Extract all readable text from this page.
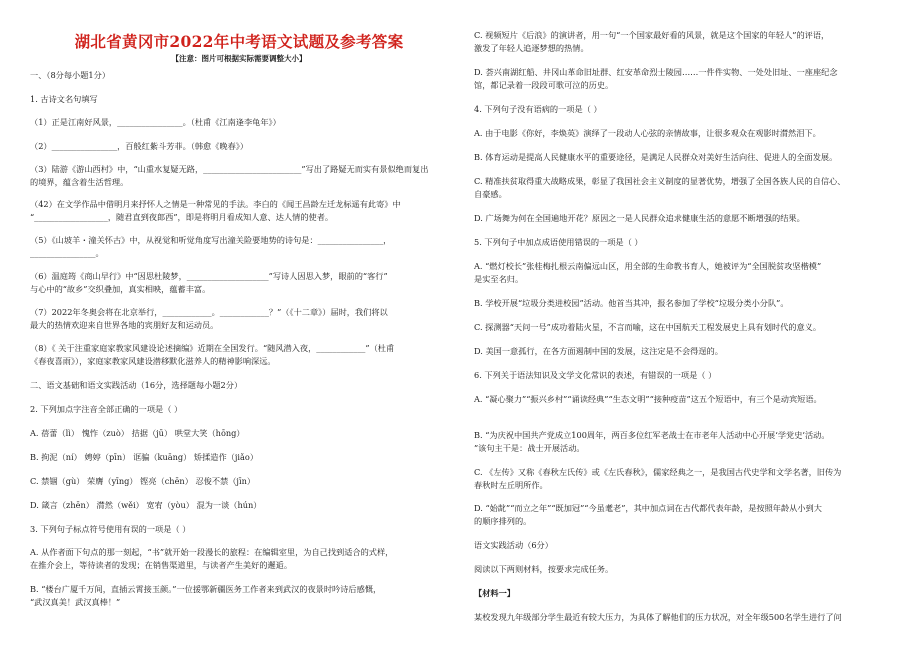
湖北省黄冈市2022年中考语文试题及参考答案
【注意：图片可根据实际需要调整大小】
一、（8分每小题1分）
1. 古诗文名句填写
（1）正是江南好风景，________________。（杜甫《江南逢李龟年》）
（2）________________，百般红紫斗芳菲。（韩愈《晚春》）
（3）陆游《游山西村》中，“山重水复疑无路，________________________”写出了路疑无而实有景似绝而复出
的境界，蕴含着生活哲理。
（42）在文学作品中借明月来抒怀人之情是一种常见的手法。李白的《闻王昌龄左迁龙标遥有此寄》中
“__________________，随君直到夜郎西”，即是将明月看成知人意、达人情的使者。
（5）《山坡羊・潼关怀古》中，从视觉和听觉角度写出潼关险要地势的诗句是：________________，
________________。
（6）温庭筠《商山早行》中“因思杜陵梦，____________________”写诗人因思入梦，眼前的“客行”
与心中的“故乡”交织叠加，真实相映，蕴蓄丰富。
（7）2022年冬奥会将在北京举行，____________。____________？”（《十二章》）届时，我们将以
最大的热情欢迎来自世界各地的宾朋好友和运动员。
（8）《 关于注重家庭家教家风建设论述摘编》近期在全国发行。“随风潜入夜，____________”（杜甫
《春夜喜雨》），家庭家教家风建设潜移默化滋养人的精神影响深远。
二、语文基础和语文实践活动（16分，选择题每小题2分）
2. 下列加点字注音全部正确的一项是（ ）
A. 蓓蕾（lì） 愧怍（zuò） 拮据（jū） 哄堂大笑（hōng）
B. 拘泥（ní） 娉婷（pīn） 诓骗（kuāng） 矫揉造作（jiǎo）
C. 禁锢（gù） 荣膺（yīng） 铿亮（chēn） 忍俊不禁（jīn）
D. 箴言（zhēn） 潸然（wěi） 宽宥（yòu） 混为一谈（hún）
3. 下列句子标点符号使用有误的一项是（ ）
A. 从作者面下句点的那一刻起，“书”就开始一段漫长的旅程：在编辑室里，为自己找到适合的式样，
在推介会上，等待读者的发现；在销售渠道里，与读者产生美好的邂逅。
B. “楼台广厦千万间，直插云霄接玉颜。”一位援鄂新疆医务工作者来到武汉的夜景时吟诗后感慨，
“武汉真美！武汉真棒！”
C. 视频短片《后浪》的演讲者，用一句“一个国家最好看的风景，就是这个国家的年轻人”的评语，
激发了年轻人追逐梦想的热情。
D. 荟兴南湖红船、井冈山革命旧址群、红安革命烈士陵园……一件件实物、一处处旧址、一座座纪念
馆，都记录着一段段可歌可泣的历史。
4. 下列句子没有语病的一项是（ ）
A. 由于电影《你好，李焕英》演绎了一段动人心弦的亲情故事，让很多观众在观影时潸然泪下。
B. 体育运动是提高人民健康水平的重要途径，是满足人民群众对美好生活向往、促进人的全面发展。
C. 精准扶贫取得重大战略成果，彰显了我国社会主义制度的显著优势，增强了全国各族人民的自信心、
自豪感。
D. 广场舞为何在全国遍地开花？原因之一是人民群众追求健康生活的意愿不断增强的结果。
5. 下列句子中加点成语使用错误的一项是（ ）
A. “燃灯校长”张桂梅扎根云南偏远山区，用全部的生命教书育人，她被评为“全国脱贫攻坚楷模”
是实至名归。
B. 学校开展“垃圾分类进校园”活动。他首当其冲，报名参加了学校“垃圾分类小分队”。
C. 探测器“天问一号”成功着陆火星，不言而喻，这在中国航天工程发展史上具有划时代的意义。
D. 美国一意孤行，在各方面遏制中国的发展，这注定是不会得逞的。
6. 下列关于语法知识及文学文化常识的表述，有错误的一项是（ ）
A. “凝心聚力”“振兴乡村”“诵读经典”“生态文明”“接种疫苗”这五个短语中，有三个是动宾短语。
B. “为庆祝中国共产党成立100周年，两百多位红军老战士在市老年人活动中心开展‘学党史’活动。
”该句主干是：战士开展活动。
C. 《左传》又称《春秋左氏传》或《左氏春秋》，儒家经典之一，是我国古代史学和文学名著，旧传为
春秋时左丘明所作。
D. “始龀”“而立之年”“既加冠”“今虽耄老”，其中加点词在古代都代表年龄，是按照年龄从小到大
的顺序排列的。
语文实践活动（6分）
阅读以下两则材料，按要求完成任务。
【材料一】
某校发现九年级部分学生最近有较大压力，为具体了解他们的压力状况，对全年级500名学生进行了问
